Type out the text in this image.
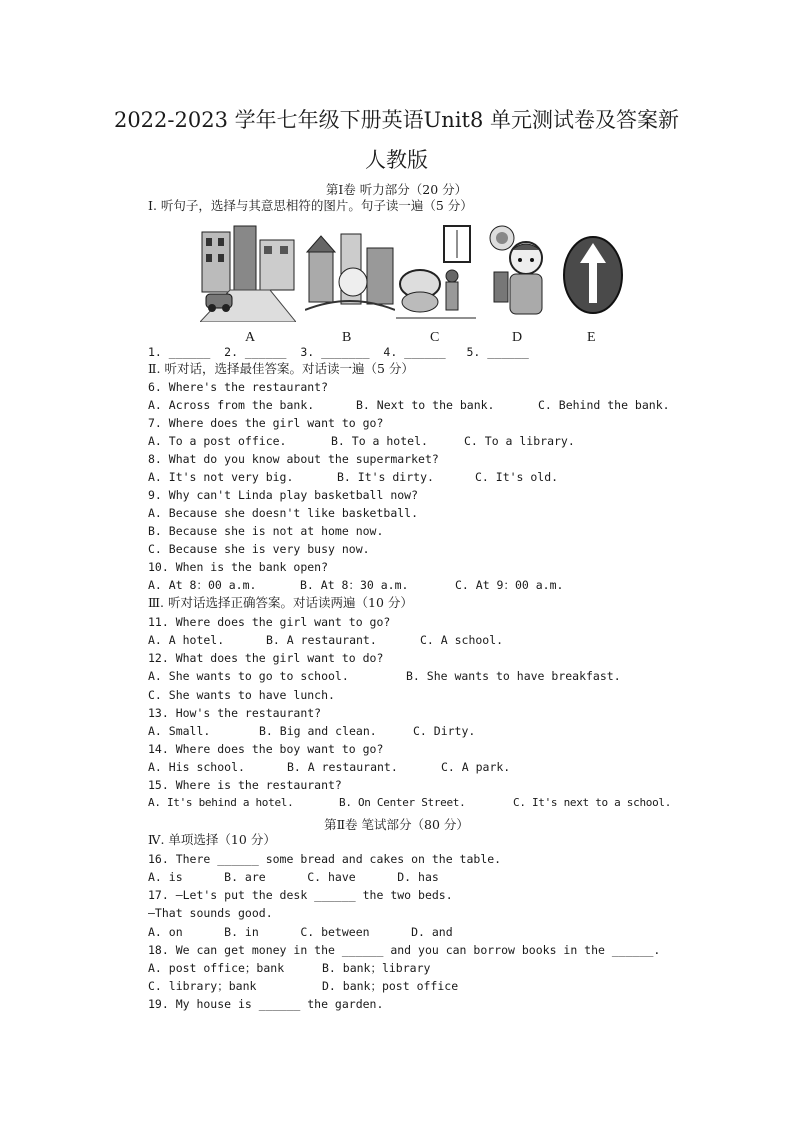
2022-2023 学年七年级下册英语Unit8 单元测试卷及答案新
人教版
第Ⅰ卷 听力部分（20 分）
Ⅰ. 听句子，选择与其意思相符的图片。句子读一遍（5 分）
A	B	C	D	E
1. ______  2. ______  3. _______  4. ______   5. ______
Ⅱ. 听对话，选择最佳答案。对话读一遍（5 分）
6. Where's the restaurant?
A. Across from the bank.	B. Next to the bank.	C. Behind the bank.
7. Where does the girl want to go?
A. To a post office.	B. To a hotel.	C. To a library.
8. What do you know about the supermarket?
A. It's not very big.	B. It's dirty.	C. It's old.
9. Why can't Linda play basketball now?
A. Because she doesn't like basketball.
B. Because she is not at home now.
C. Because she is very busy now.
10. When is the bank open?
A. At 8：00 a.m.	B. At 8：30 a.m.	C. At 9：00 a.m.
Ⅲ. 听对话选择正确答案。对话读两遍（10 分）
11. Where does the girl want to go?
A. A hotel.	B. A restaurant.	C. A school.
12. What does the girl want to do?
A. She wants to go to school.	B. She wants to have breakfast.
C. She wants to have lunch.
13. How's the restaurant?
A. Small.	B. Big and clean.	C. Dirty.
14. Where does the boy want to go?
A. His school.	B. A restaurant.	C. A park.
15. Where is the restaurant?
A. It's behind a hotel.	B. On Center Street.	C. It's next to a school.
第Ⅱ卷 笔试部分（80 分）
Ⅳ. 单项选择（10 分）
16. There ______ some bread and cakes on the table.
A. is      B. are      C. have      D. has
17. —Let's put the desk ______ the two beds.
—That sounds good.
A. on      B. in      C. between      D. and
18. We can get money in the ______ and you can borrow books in the ______.
A. post office；bank	B. bank；library
C. library；bank	D. bank；post office
19. My house is ______ the garden.
